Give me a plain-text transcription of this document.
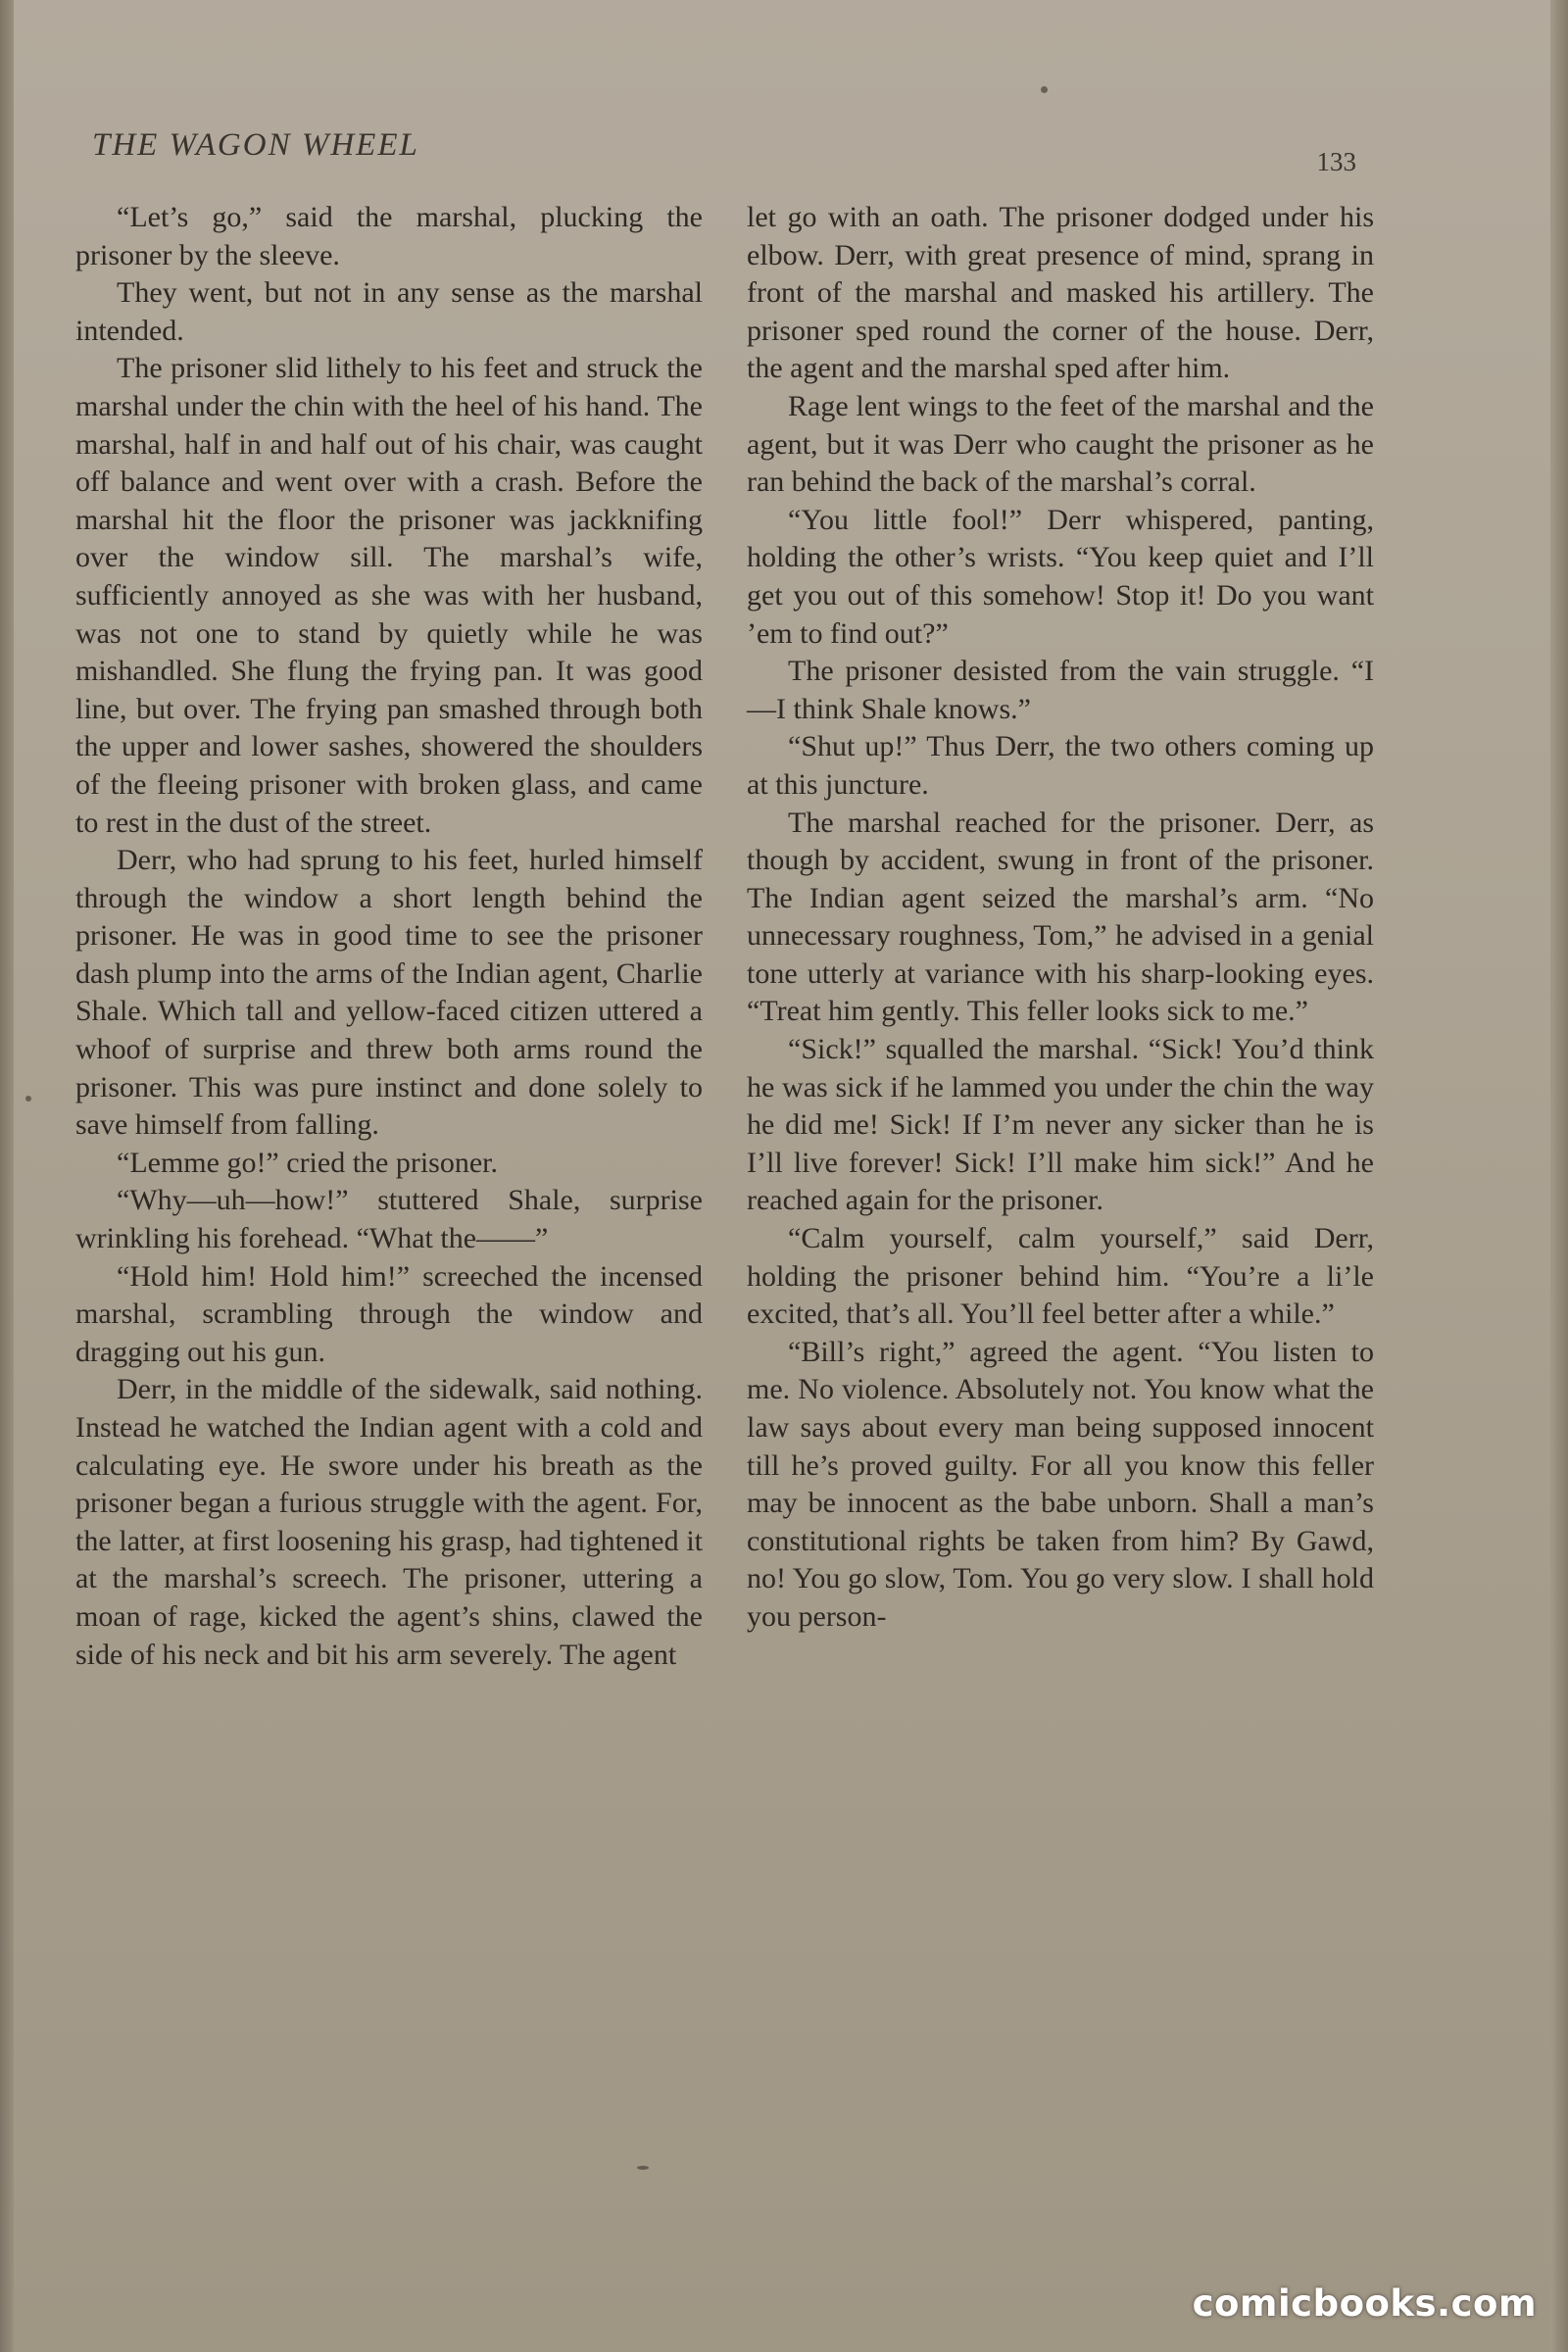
THE WAGON WHEEL	133

“Let’s go,” said the marshal, plucking the prisoner by the sleeve.

They went, but not in any sense as the marshal intended.

The prisoner slid lithely to his feet and struck the marshal under the chin with the heel of his hand. The marshal, half in and half out of his chair, was caught off balance and went over with a crash. Before the marshal hit the floor the prisoner was jackknifing over the window sill. The marshal’s wife, sufficiently annoyed as she was with her husband, was not one to stand by quietly while he was mishandled. She flung the frying pan. It was good line, but over. The frying pan smashed through both the upper and lower sashes, showered the shoulders of the fleeing prisoner with broken glass, and came to rest in the dust of the street.

Derr, who had sprung to his feet, hurled himself through the window a short length behind the prisoner. He was in good time to see the prisoner dash plump into the arms of the Indian agent, Charlie Shale. Which tall and yellow-faced citizen uttered a whoof of surprise and threw both arms round the prisoner. This was pure instinct and done solely to save himself from falling.

“Lemme go!” cried the prisoner.

“Why—uh—how!” stuttered Shale, surprise wrinkling his forehead. “What the——”

“Hold him! Hold him!” screeched the incensed marshal, scrambling through the window and dragging out his gun.

Derr, in the middle of the sidewalk, said nothing. Instead he watched the Indian agent with a cold and calculating eye. He swore under his breath as the prisoner began a furious struggle with the agent. For, the latter, at first loosening his grasp, had tightened it at the marshal’s screech. The prisoner, uttering a moan of rage, kicked the agent’s shins, clawed the side of his neck and bit his arm severely. The agent

let go with an oath. The prisoner dodged under his elbow. Derr, with great presence of mind, sprang in front of the marshal and masked his artillery. The prisoner sped round the corner of the house. Derr, the agent and the marshal sped after him.

Rage lent wings to the feet of the marshal and the agent, but it was Derr who caught the prisoner as he ran behind the back of the marshal’s corral.

“You little fool!” Derr whispered, panting, holding the other’s wrists. “You keep quiet and I’ll get you out of this somehow! Stop it! Do you want ’em to find out?”

The prisoner desisted from the vain struggle. “I—I think Shale knows.”

“Shut up!” Thus Derr, the two others coming up at this juncture.

The marshal reached for the prisoner. Derr, as though by accident, swung in front of the prisoner. The Indian agent seized the marshal’s arm. “No unnecessary roughness, Tom,” he advised in a genial tone utterly at variance with his sharp-looking eyes. “Treat him gently. This feller looks sick to me.”

“Sick!” squalled the marshal. “Sick! You’d think he was sick if he lammed you under the chin the way he did me! Sick! If I’m never any sicker than he is I’ll live forever! Sick! I’ll make him sick!” And he reached again for the prisoner.

“Calm yourself, calm yourself,” said Derr, holding the prisoner behind him. “You’re a li’le excited, that’s all. You’ll feel better after a while.”

“Bill’s right,” agreed the agent. “You listen to me. No violence. Absolutely not. You know what the law says about every man being supposed innocent till he’s proved guilty. For all you know this feller may be innocent as the babe unborn. Shall a man’s constitutional rights be taken from him? By Gawd, no! You go slow, Tom. You go very slow. I shall hold you person-

comicbooks.com
